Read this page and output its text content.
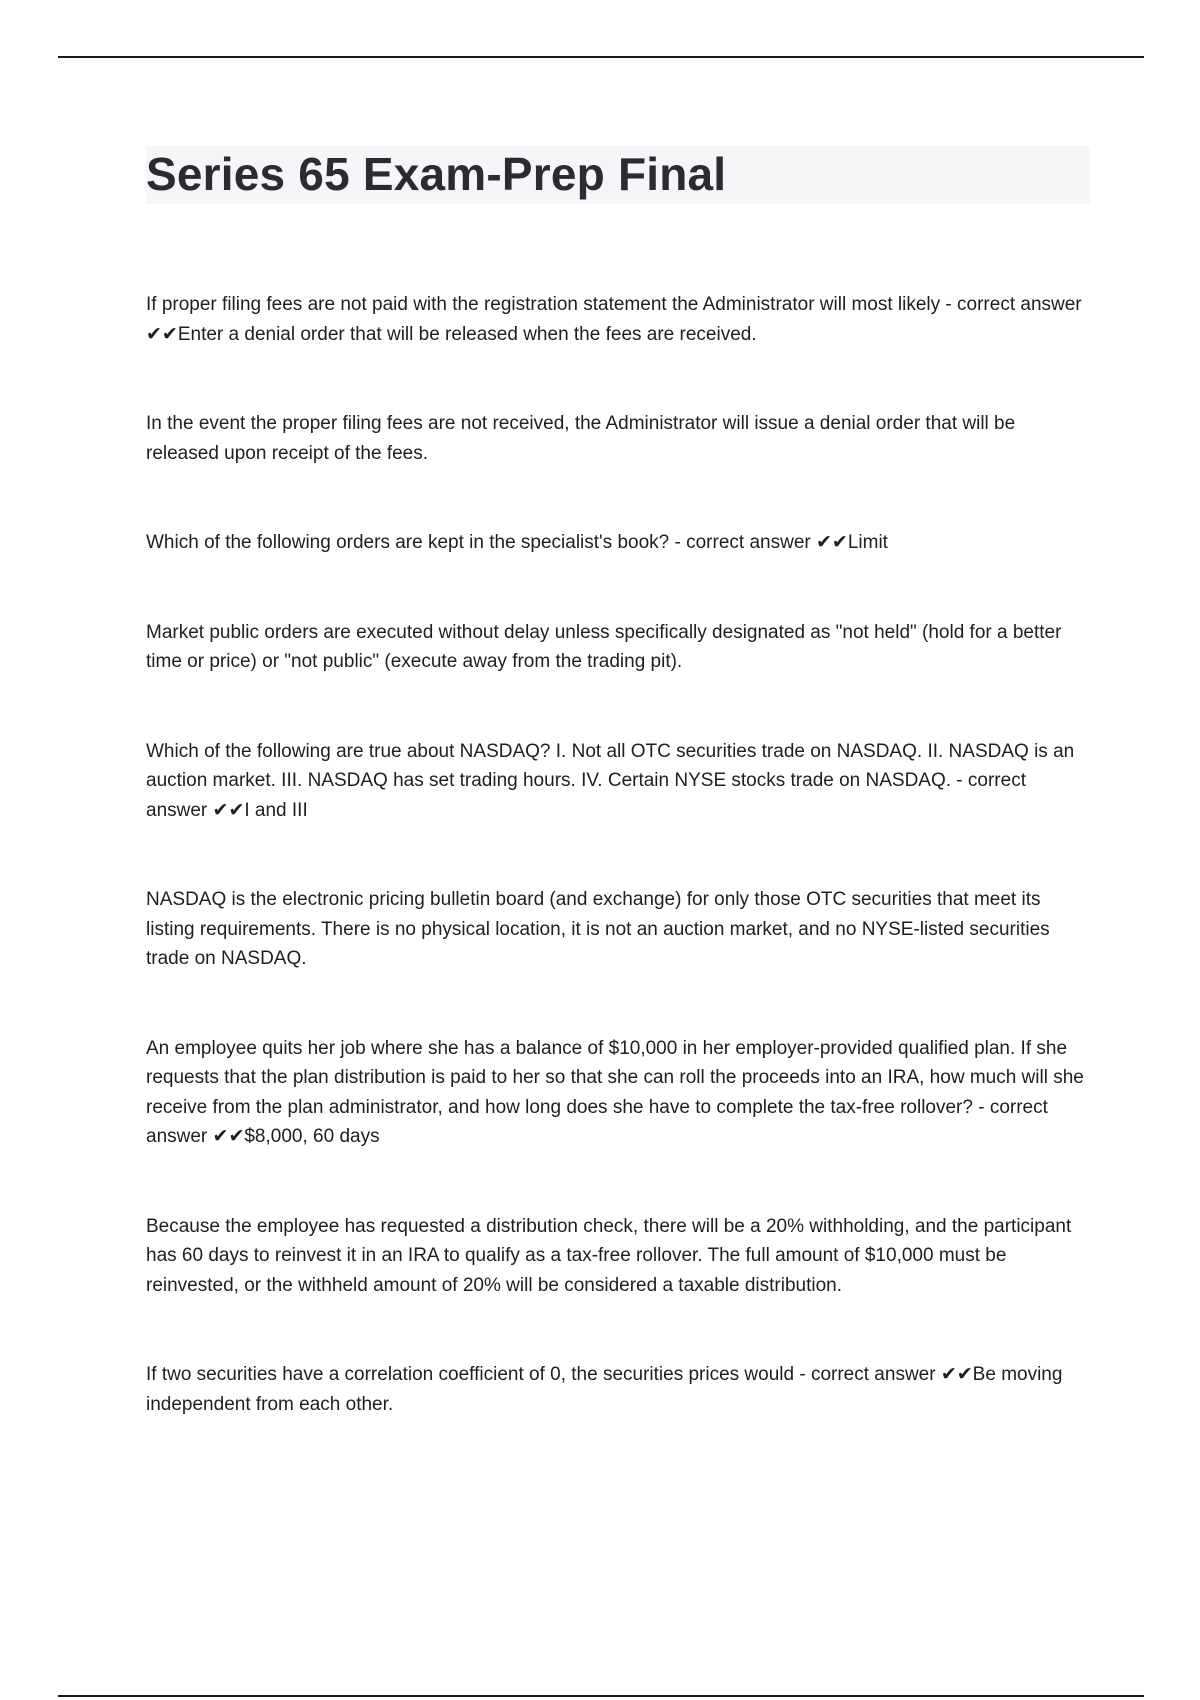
Series 65 Exam-Prep Final

If proper filing fees are not paid with the registration statement the Administrator will most likely - correct answer ✔✔Enter a denial order that will be released when the fees are received.

In the event the proper filing fees are not received, the Administrator will issue a denial order that will be released upon receipt of the fees.

Which of the following orders are kept in the specialist's book? - correct answer ✔✔Limit

Market public orders are executed without delay unless specifically designated as "not held" (hold for a better time or price) or "not public" (execute away from the trading pit).

Which of the following are true about NASDAQ? I. Not all OTC securities trade on NASDAQ. II. NASDAQ is an auction market. III. NASDAQ has set trading hours. IV. Certain NYSE stocks trade on NASDAQ. - correct answer ✔✔I and III

NASDAQ is the electronic pricing bulletin board (and exchange) for only those OTC securities that meet its listing requirements. There is no physical location, it is not an auction market, and no NYSE-listed securities trade on NASDAQ.

An employee quits her job where she has a balance of $10,000 in her employer-provided qualified plan. If she requests that the plan distribution is paid to her so that she can roll the proceeds into an IRA, how much will she receive from the plan administrator, and how long does she have to complete the tax-free rollover? - correct answer ✔✔$8,000, 60 days

Because the employee has requested a distribution check, there will be a 20% withholding, and the participant has 60 days to reinvest it in an IRA to qualify as a tax-free rollover. The full amount of $10,000 must be reinvested, or the withheld amount of 20% will be considered a taxable distribution.

If two securities have a correlation coefficient of 0, the securities prices would - correct answer ✔✔Be moving independent from each other.
